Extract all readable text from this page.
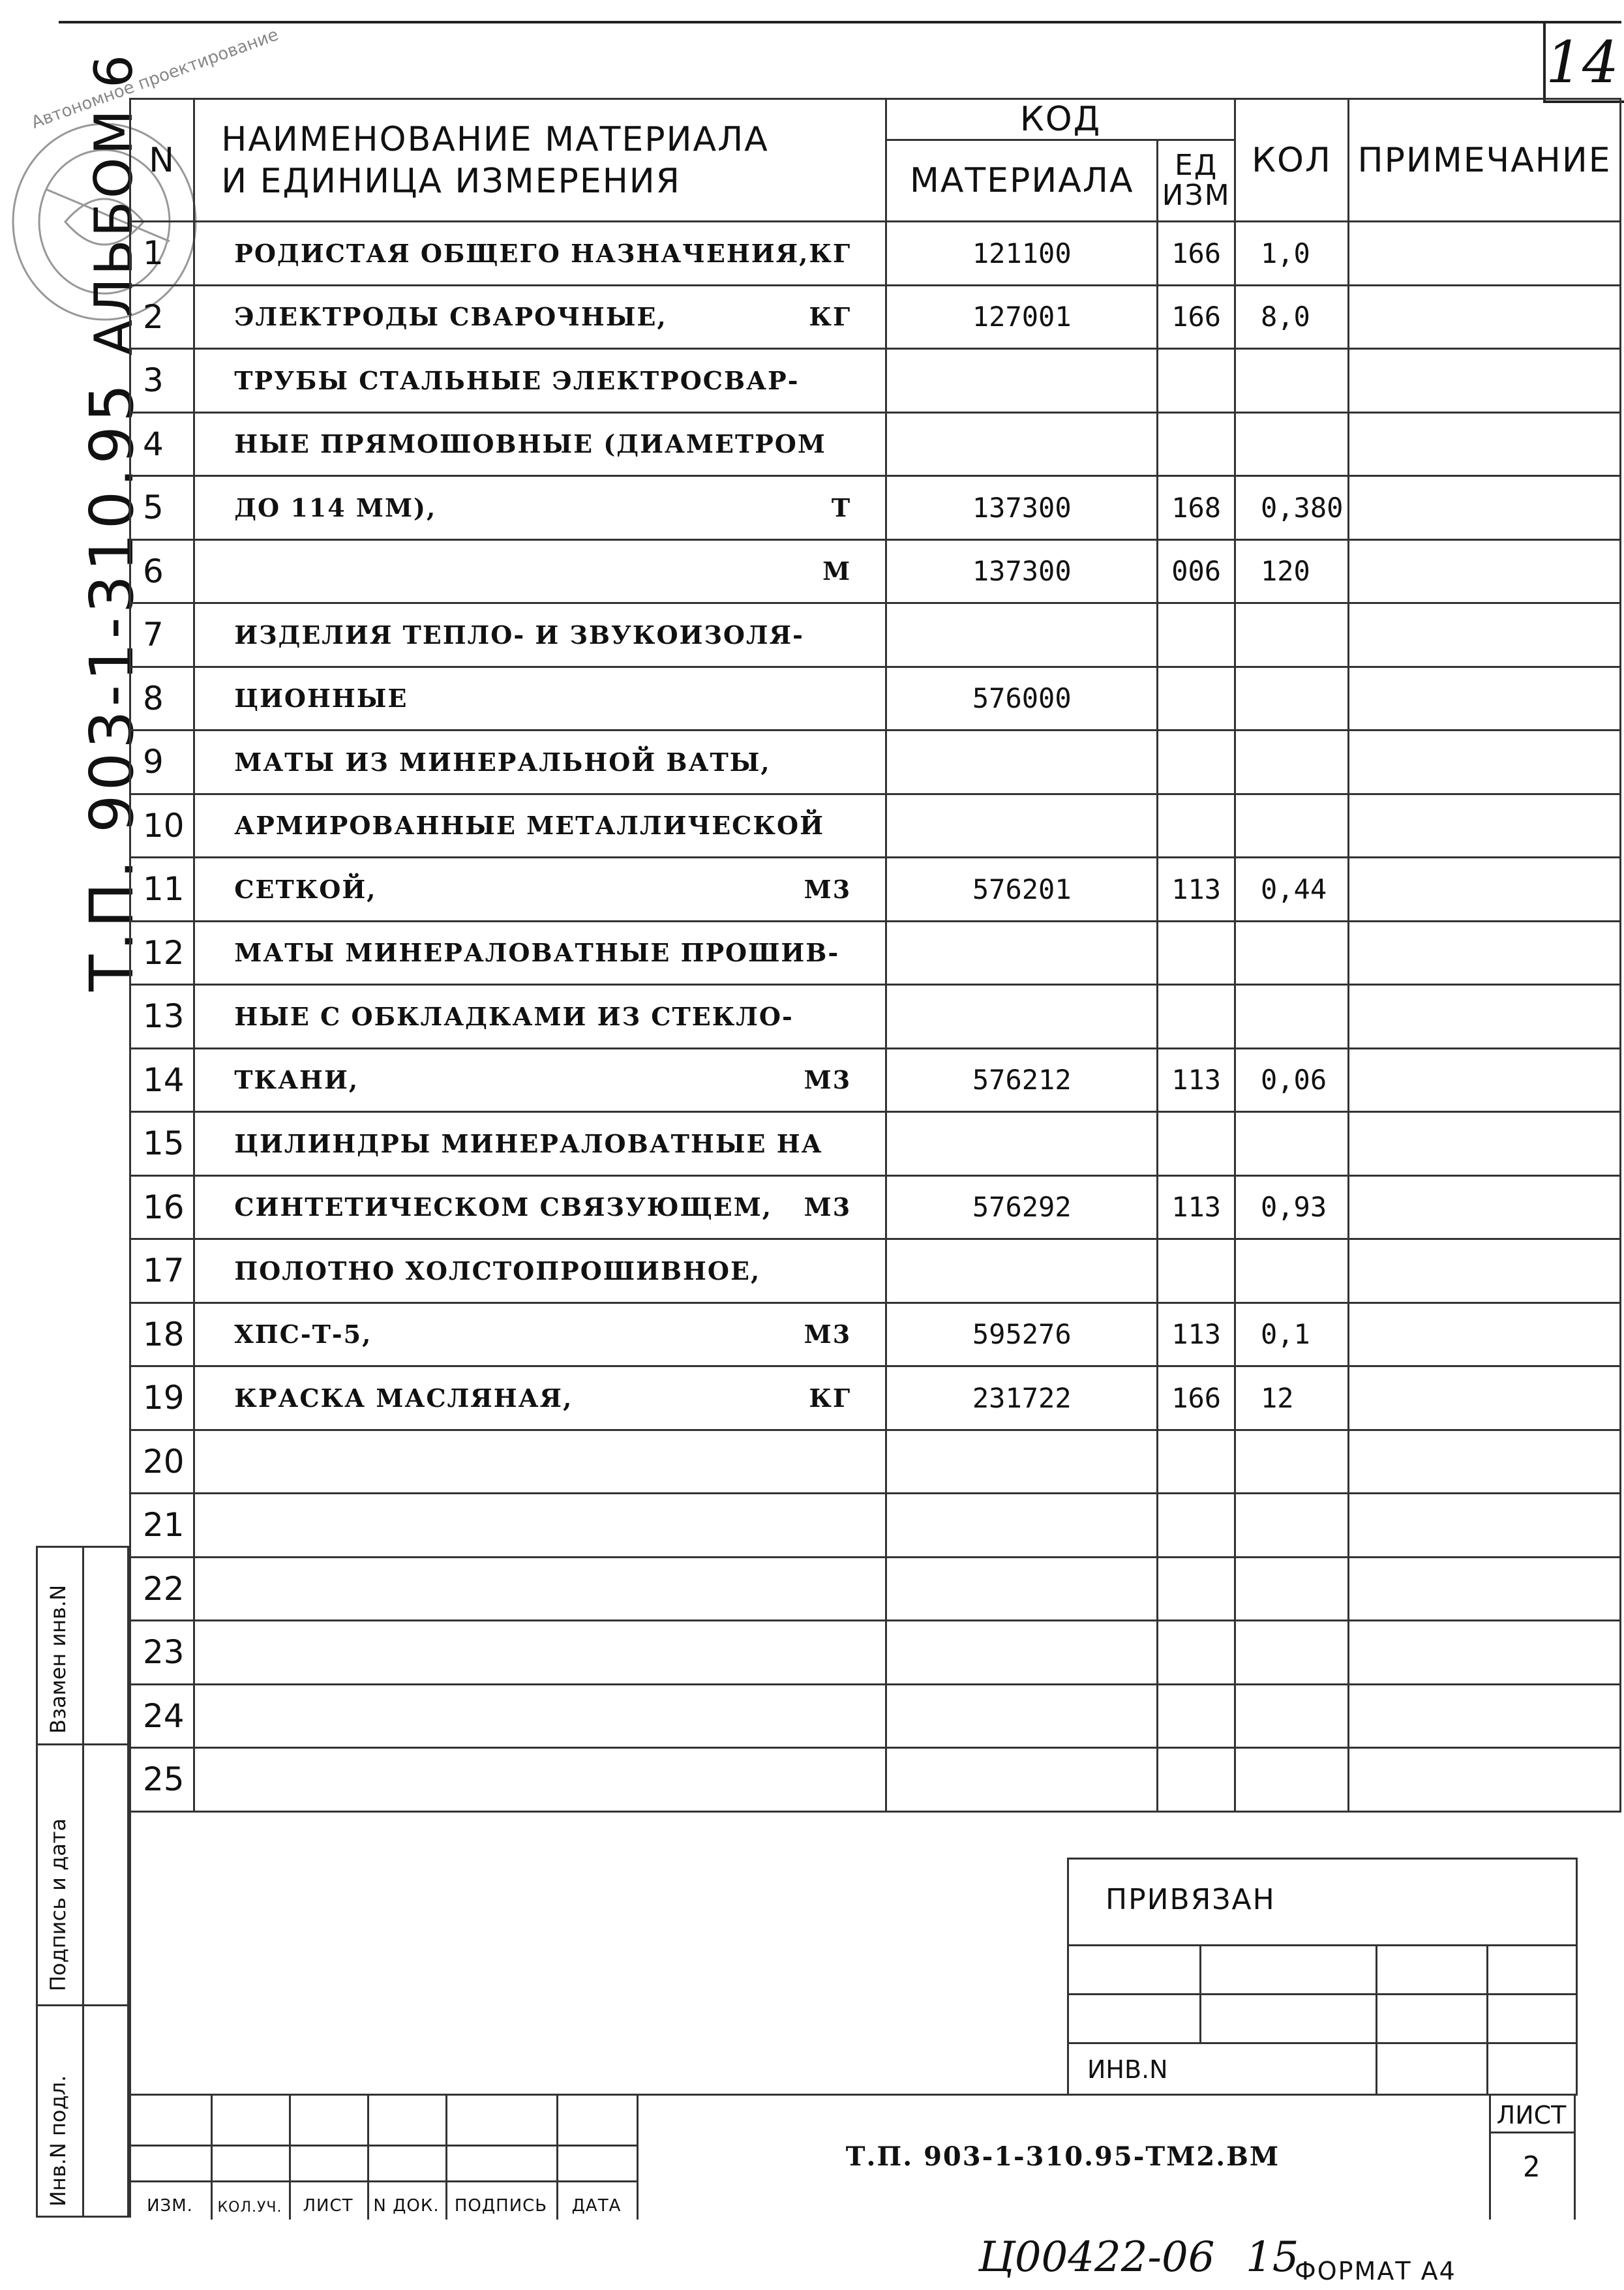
14
Автономное проектирование
АЛЬБОМ 6
Т.П. 903-1-310.95
N	НАИМЕНОВАНИЕ МАТЕРИАЛА
И ЕДИНИЦА ИЗМЕРЕНИЯ	КОД		КОЛ	ПРИМЕЧАНИЕ
		МАТЕРИАЛА	ЕД
ИЗМ		

1	РОДИСТАЯ ОБЩЕГО НАЗНАЧЕНИЯ,КГ	121100	166	1,0	
2	ЭЛЕКТРОДЫ СВАРОЧНЫЕ, КГ	127001	166	8,0	
3	ТРУБЫ СТАЛЬНЫЕ ЭЛЕКТРОСВАР-				

4	НЫЕ ПРЯМОШОВНЫЕ (ДИАМЕТРОМ				

5	ДО 114 ММ), Т	137300	168	0,380	
6	М	137300	006	120	
7	ИЗДЕЛИЯ ТЕПЛО- И ЗВУКОИЗОЛЯ-				

8	ЦИОННЫЕ	576000			
9	МАТЫ ИЗ МИНЕРАЛЬНОЙ ВАТЫ,				

10	АРМИРОВАННЫЕ МЕТАЛЛИЧЕСКОЙ				

11	СЕТКОЙ, М3	576201	113	0,44	
12	МАТЫ МИНЕРАЛОВАТНЫЕ ПРОШИВ-				

13	НЫЕ С ОБКЛАДКАМИ ИЗ СТЕКЛО-				

14	ТКАНИ, М3	576212	113	0,06	
15	ЦИЛИНДРЫ МИНЕРАЛОВАТНЫЕ НА				

16	СИНТЕТИЧЕСКОМ СВЯЗУЮЩЕМ, М3	576292	113	0,93	
17	ПОЛОТНО ХОЛСТОПРОШИВНОЕ,				

18	ХПС-Т-5, М3	595276	113	0,1	
19	КРАСКА МАСЛЯНАЯ, КГ	231722	166	12	
20	

21	

22	

23	

24	

25	

Взамен инв.N
Подпись и дата
Инв.N подл.
ПРИВЯЗАН
ИНВ.N
ИЗМ.	КОЛ.УЧ.	ЛИСТ	N ДОК. ПОДПИСЬ	ДАТА
Т.П. 903-1-310.95-ТМ2.ВМ
ЛИСТ
2
Ц00422-06 15
ФОРМАТ А4
